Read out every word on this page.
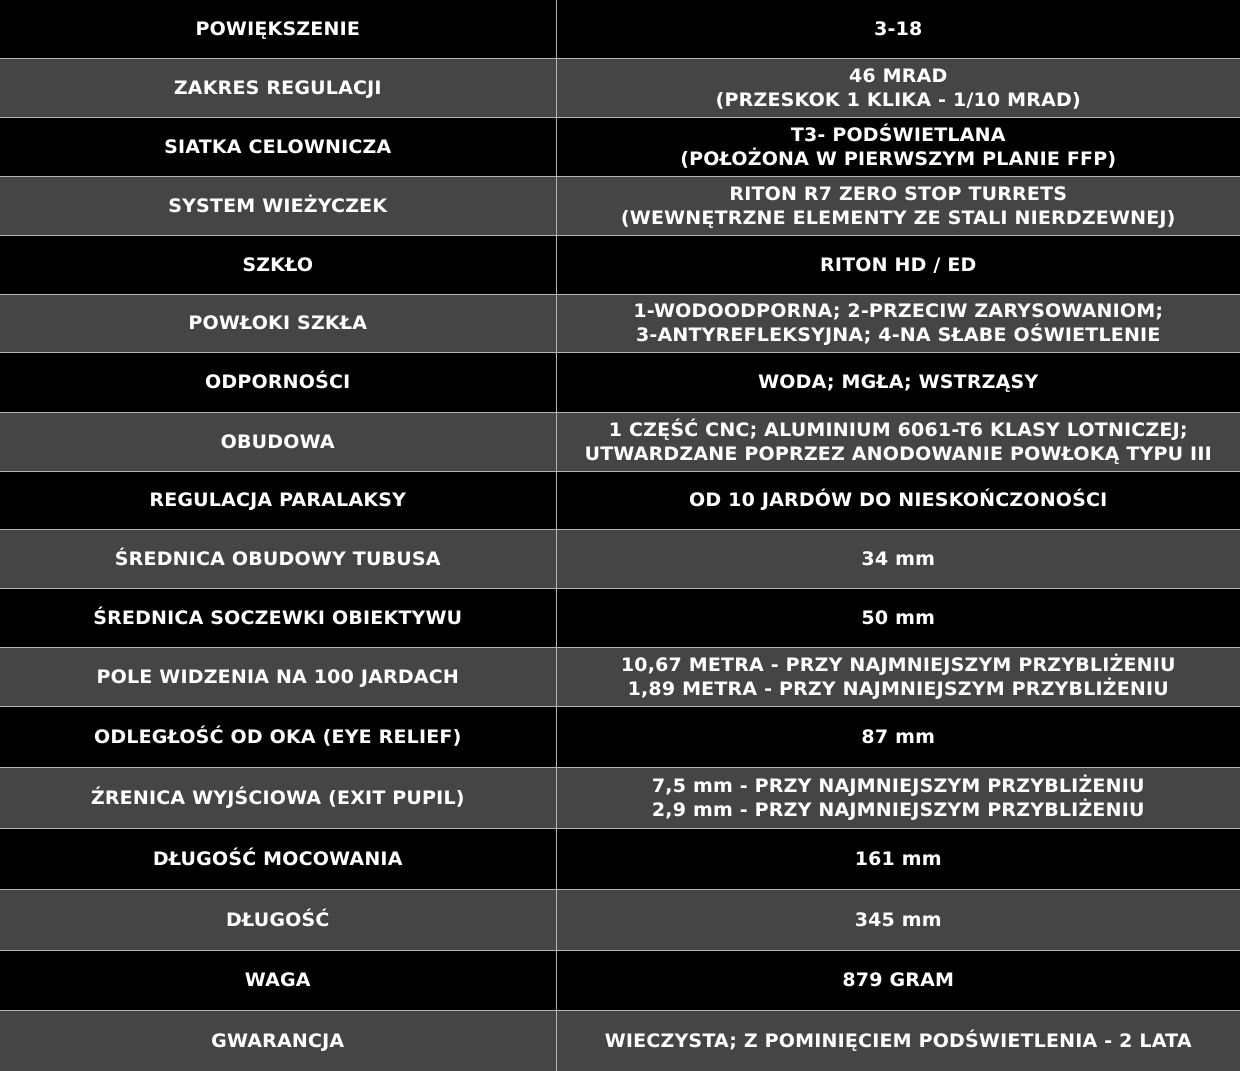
POWIĘKSZENIE	3-18
ZAKRES REGULACJI	46 MRAD
(PRZESKOK 1 KLIKA - 1/10 MRAD)
SIATKA CELOWNICZA	T3- PODŚWIETLANA
(POŁOŻONA W PIERWSZYM PLANIE FFP)
SYSTEM WIEŻYCZEK	RITON R7 ZERO STOP TURRETS
(WEWNĘTRZNE ELEMENTY ZE STALI NIERDZEWNEJ)
SZKŁO	RITON HD / ED
POWŁOKI SZKŁA	1-WODOODPORNA; 2-PRZECIW ZARYSOWANIOM;
3-ANTYREFLEKSYJNA; 4-NA SŁABE OŚWIETLENIE
ODPORNOŚCI	WODA; MGŁA; WSTRZĄSY
OBUDOWA	1 CZĘŚĆ CNC; ALUMINIUM 6061-T6 KLASY LOTNICZEJ;
UTWARDZANE POPRZEZ ANODOWANIE POWŁOKĄ TYPU III
REGULACJA PARALAKSY	OD 10 JARDÓW DO NIESKOŃCZONOŚCI
ŚREDNICA OBUDOWY TUBUSA	34 mm
ŚREDNICA SOCZEWKI OBIEKTYWU	50 mm
POLE WIDZENIA NA 100 JARDACH	10,67 METRA - PRZY NAJMNIEJSZYM PRZYBLIŻENIU
1,89 METRA - PRZY NAJMNIEJSZYM PRZYBLIŻENIU
ODLEGŁOŚĆ OD OKA (EYE RELIEF)	87 mm
ŹRENICA WYJŚCIOWA (EXIT PUPIL)	7,5 mm - PRZY NAJMNIEJSZYM PRZYBLIŻENIU
2,9 mm - PRZY NAJMNIEJSZYM PRZYBLIŻENIU
DŁUGOŚĆ MOCOWANIA	161 mm
DŁUGOŚĆ	345 mm
WAGA	879 GRAM
GWARANCJA	WIECZYSTA; Z POMINIĘCIEM PODŚWIETLENIA - 2 LATA
